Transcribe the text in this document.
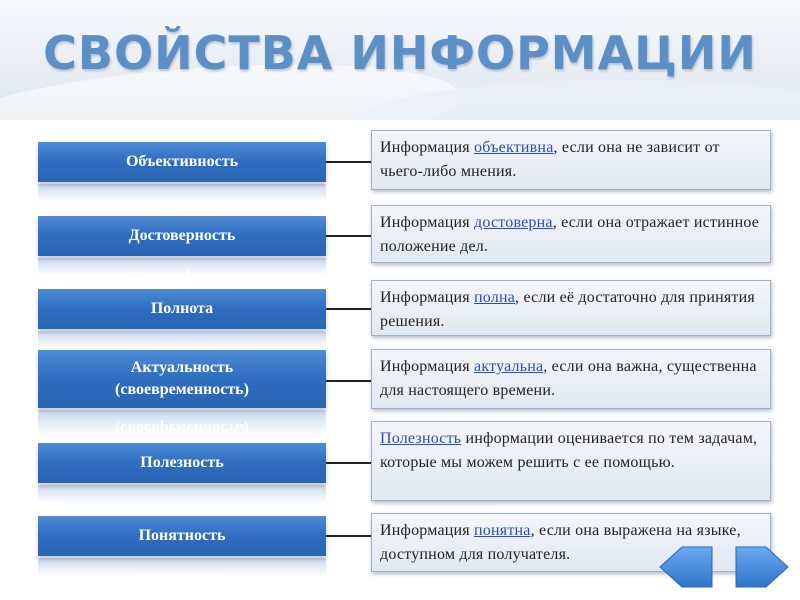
СВОЙСТВА ИНФОРМАЦИИ
Объективность
Информация объективна, если она не зависит от чьего-либо мнения.
Достоверность
Информация достоверна, если она отражает истинное положение дел.
Полнота
Информация полна, если её достаточно для принятия решения.
Актуальность (своевременность)
Информация актуальна, если она важна, существенна для настоящего времени.
Полезность
Полезность информации оценивается по тем задачам, которые мы можем решить с ее помощью.
Понятность	Информация понятна, если она выражена на языке, доступном для получателя.
